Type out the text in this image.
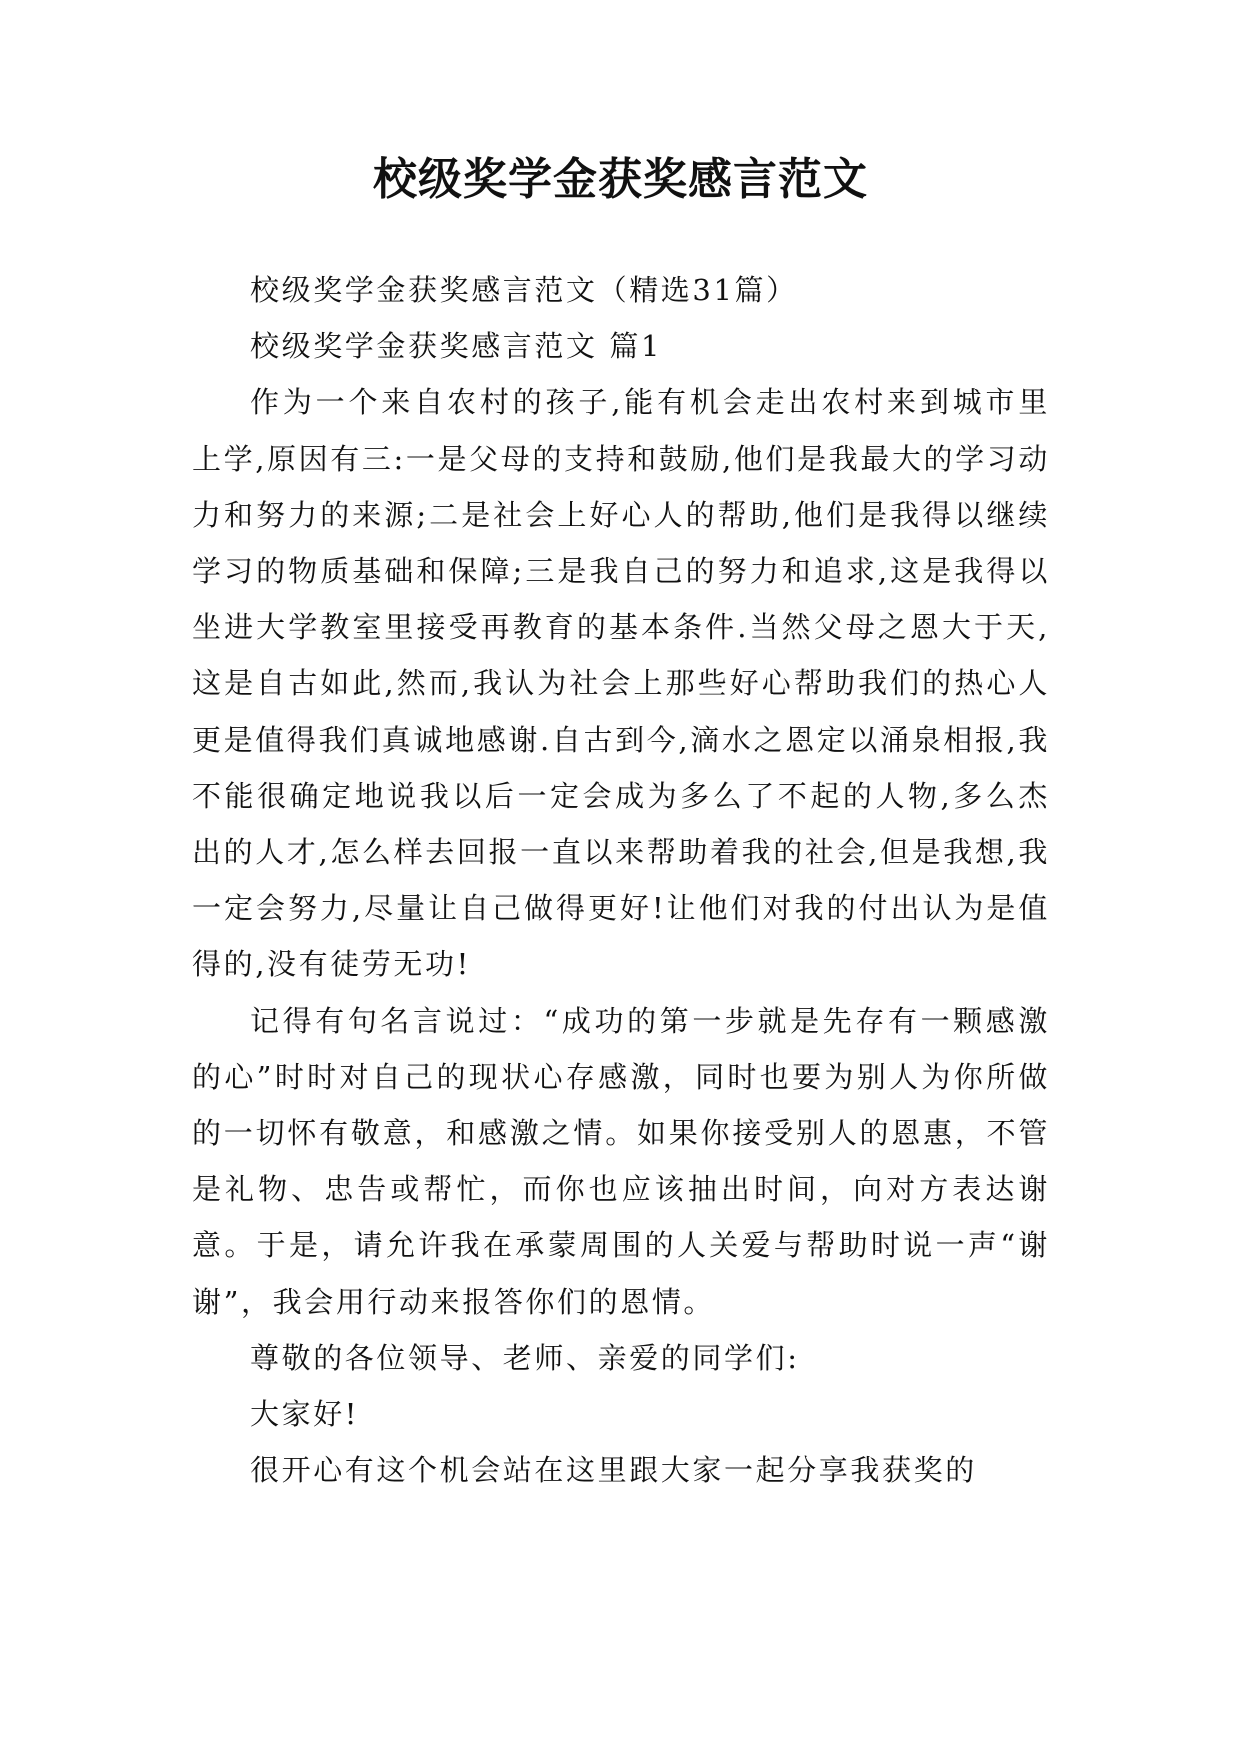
校级奖学金获奖感言范文

校级奖学金获奖感言范文（精选31篇）

校级奖学金获奖感言范文 篇1

作为一个来自农村的孩子,能有机会走出农村来到城市里上学,原因有三:一是父母的支持和鼓励,他们是我最大的学习动力和努力的来源;二是社会上好心人的帮助,他们是我得以继续学习的物质基础和保障;三是我自己的努力和追求,这是我得以坐进大学教室里接受再教育的基本条件.当然父母之恩大于天,这是自古如此,然而,我认为社会上那些好心帮助我们的热心人更是值得我们真诚地感谢.自古到今,滴水之恩定以涌泉相报,我不能很确定地说我以后一定会成为多么了不起的人物,多么杰出的人才,怎么样去回报一直以来帮助着我的社会,但是我想,我一定会努力,尽量让自己做得更好!让他们对我的付出认为是值得的,没有徒劳无功!

记得有句名言说过：“成功的第一步就是先存有一颗感激的心”时时对自己的现状心存感激，同时也要为别人为你所做的一切怀有敬意，和感激之情。如果你接受别人的恩惠，不管是礼物、忠告或帮忙，而你也应该抽出时间，向对方表达谢意。于是，请允许我在承蒙周围的人关爱与帮助时说一声“谢谢”，我会用行动来报答你们的恩情。

尊敬的各位领导、老师、亲爱的同学们:

大家好!

很开心有这个机会站在这里跟大家一起分享我获奖的
